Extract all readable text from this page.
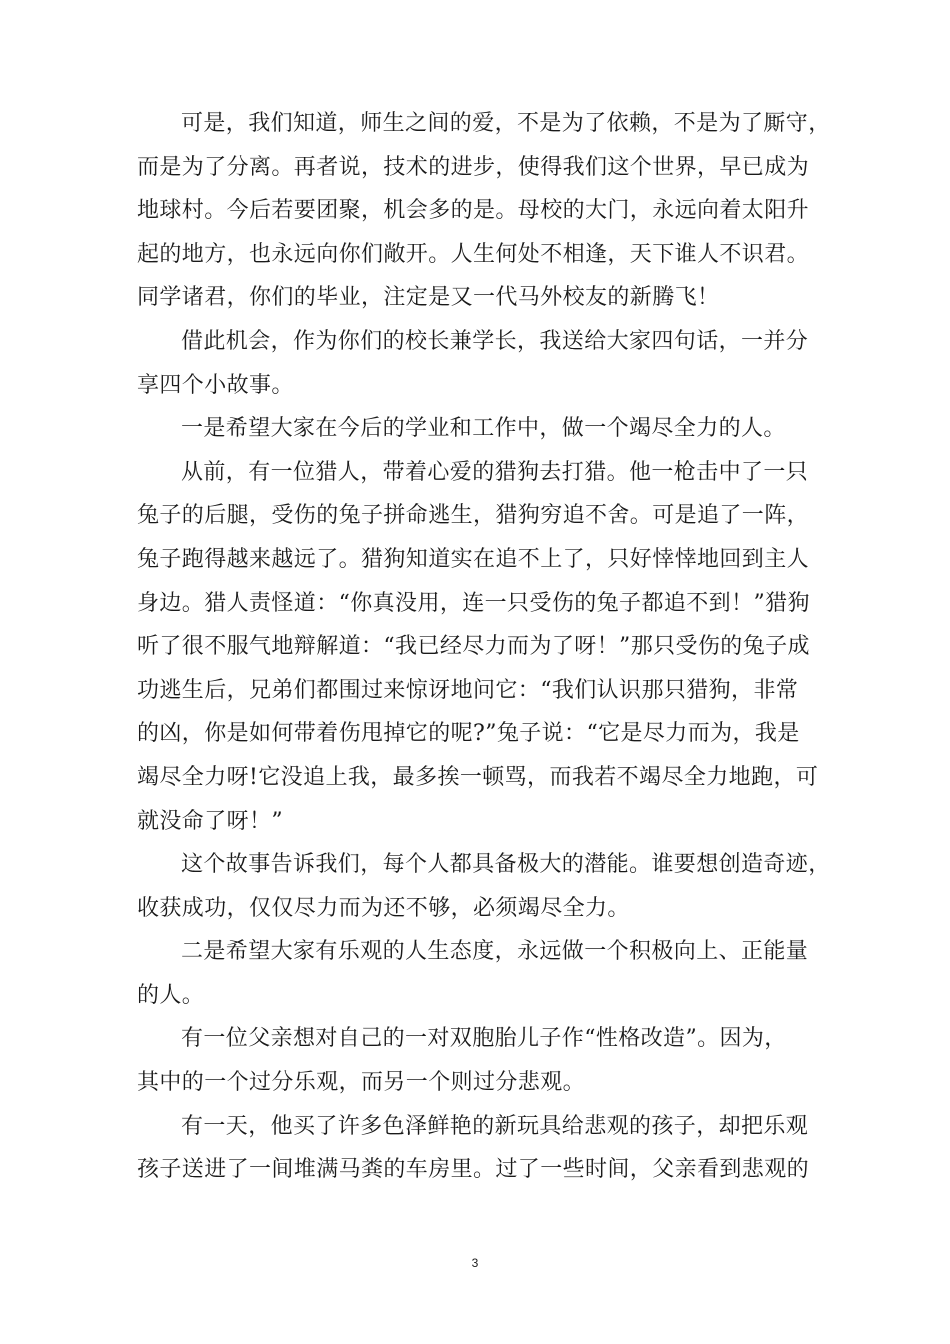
可是，我们知道，师生之间的爱，不是为了依赖，不是为了厮守，
而是为了分离。再者说，技术的进步，使得我们这个世界，早已成为
地球村。今后若要团聚，机会多的是。母校的大门，永远向着太阳升
起的地方，也永远向你们敞开。人生何处不相逢，天下谁人不识君。
同学诸君，你们的毕业，注定是又一代马外校友的新腾飞！
借此机会，作为你们的校长兼学长，我送给大家四句话，一并分
享四个小故事。
一是希望大家在今后的学业和工作中，做一个竭尽全力的人。
从前，有一位猎人，带着心爱的猎狗去打猎。他一枪击中了一只
兔子的后腿，受伤的兔子拼命逃生，猎狗穷追不舍。可是追了一阵，
兔子跑得越来越远了。猎狗知道实在追不上了，只好悻悻地回到主人
身边。猎人责怪道：“你真没用，连一只受伤的兔子都追不到！”猎狗
听了很不服气地辩解道：“我已经尽力而为了呀！”那只受伤的兔子成
功逃生后，兄弟们都围过来惊讶地问它：“我们认识那只猎狗，非常
的凶，你是如何带着伤甩掉它的呢?”兔子说：“它是尽力而为，我是
竭尽全力呀!它没追上我，最多挨一顿骂，而我若不竭尽全力地跑，可
就没命了呀！”
这个故事告诉我们，每个人都具备极大的潜能。谁要想创造奇迹，
收获成功，仅仅尽力而为还不够，必须竭尽全力。
二是希望大家有乐观的人生态度，永远做一个积极向上、正能量
的人。
有一位父亲想对自己的一对双胞胎儿子作“性格改造”。因为，
其中的一个过分乐观，而另一个则过分悲观。
有一天，他买了许多色泽鲜艳的新玩具给悲观的孩子，却把乐观
孩子送进了一间堆满马粪的车房里。过了一些时间，父亲看到悲观的
3
